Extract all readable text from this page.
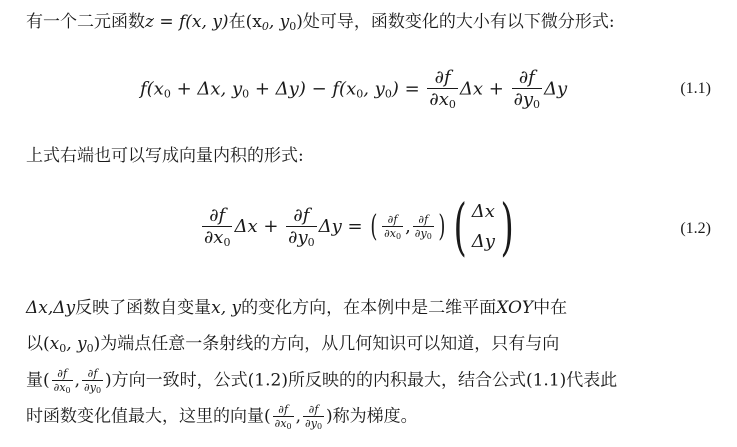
有一个二元函数z = f(x, y)在($x_0$, $y_0$)处可导，函数变化的大小有以下微分形式:
$f(x_0 + \Delta x$, $y_0 + \Delta y) - f(x_0$, $y_0) = \frac{\partial f}{\partial x_0}$ $\Delta x + \frac{\partial f}{\partial y_0}$ Δy	(1.1)
上式右端也可以写成向量内积的形式:
$\frac{\partial f}{\partial x_0}$ $\Delta x + \frac{\partial f}{\partial y_0}$ Δy = ( $\frac{\partial f}{\partial x_0}$ , $\frac{\partial f}{\partial y_0}$ ) ( Δx
Δy )	(1.2)
Δx,Δy反映了函数自变量x, y的变化方向，在本例中是二维平面XOY中在
以($x_0$, $y_0$)为端点任意一条射线的方向，从几何知识可以知道，只有与向
量( $\frac{\partial f}{\partial x_0}$ , $\frac{\partial f}{\partial y_0}$ )方向一致时，公式(1.2)所反映的的内积最大，结合公式(1.1)代表此
时函数变化值最大，这里的向量( $\frac{\partial f}{\partial x_0}$ , $\frac{\partial f}{\partial y_0}$ )称为梯度。
